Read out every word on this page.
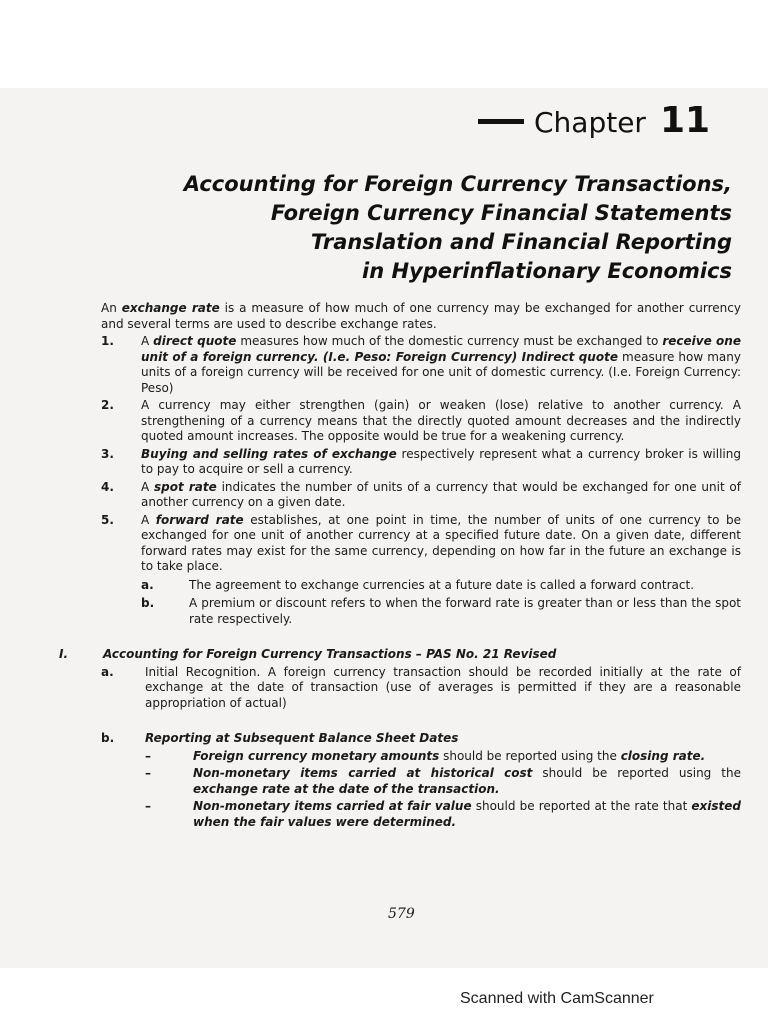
Chapter 11
Accounting for Foreign Currency Transactions,
Foreign Currency Financial Statements
Translation and Financial Reporting
in Hyperinflationary Economics

An exchange rate is a measure of how much of one currency may be exchanged for another currency and several terms are used to describe exchange rates.

1.	A direct quote measures how much of the domestic currency must be exchanged to receive one unit of a foreign currency. (I.e. Peso: Foreign Currency) Indirect quote measure how many units of a foreign currency will be received for one unit of domestic currency. (I.e. Foreign Currency: Peso)
2.	A currency may either strengthen (gain) or weaken (lose) relative to another currency. A strengthening of a currency means that the directly quoted amount decreases and the indirectly quoted amount increases. The opposite would be true for a weakening currency.
3.	Buying and selling rates of exchange respectively represent what a currency broker is willing to pay to acquire or sell a currency.
4.	A spot rate indicates the number of units of a currency that would be exchanged for one unit of another currency on a given date.
5.	A forward rate establishes, at one point in time, the number of units of one currency to be exchanged for one unit of another currency at a specified future date. On a given date, different forward rates may exist for the same currency, depending on how far in the future an exchange is to take place.
a.	The agreement to exchange currencies at a future date is called a forward contract.
b.	A premium or discount refers to when the forward rate is greater than or less than the spot rate respectively.
I.	Accounting for Foreign Currency Transactions – PAS No. 21 Revised
a.	Initial Recognition. A foreign currency transaction should be recorded initially at the rate of exchange at the date of transaction (use of averages is permitted if they are a reasonable appropriation of actual)
b.	Reporting at Subsequent Balance Sheet Dates
–	Foreign currency monetary amounts should be reported using the closing rate.
–	Non-monetary items carried at historical cost should be reported using the exchange rate at the date of the transaction.
–	Non-monetary items carried at fair value should be reported at the rate that existed when the fair values were determined.
579
Scanned with CamScanner
